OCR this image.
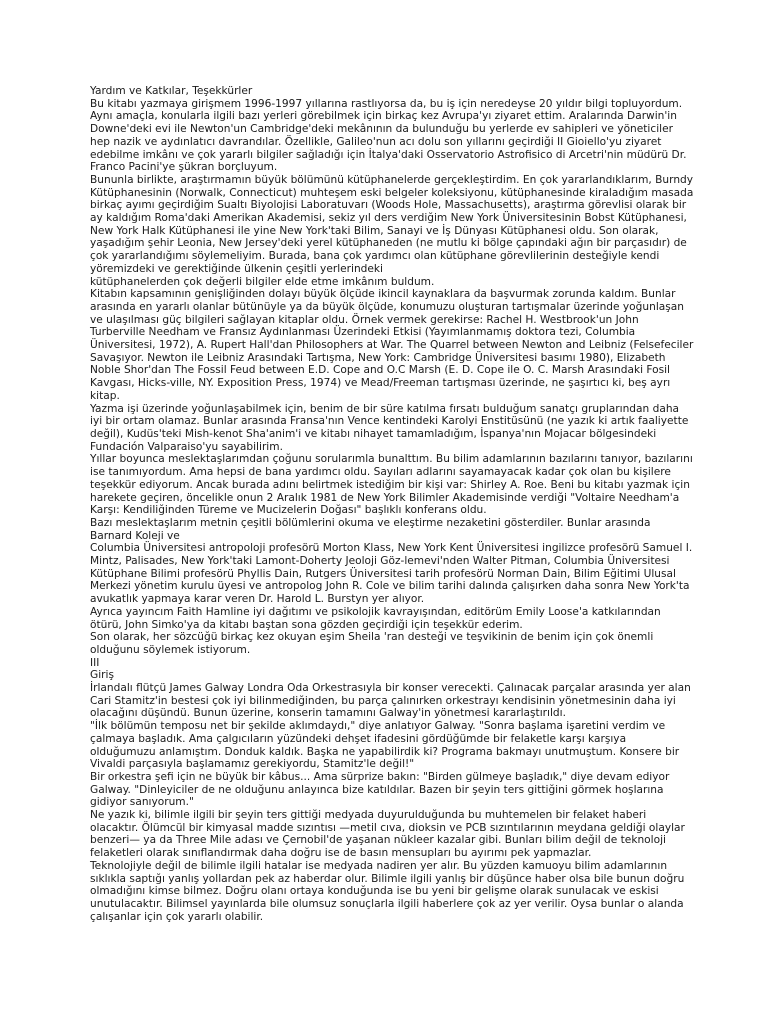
Yardım ve Katkılar, Teşekkürler

Bu kitabı yazmaya girişmem 1996-1997 yıllarına rastlıyorsa da, bu iş için neredeyse 20 yıldır bilgi topluyordum. Aynı amaçla, konularla ilgili bazı yerleri görebilmek için birkaç kez Avrupa'yı ziyaret ettim. Aralarında Darwin'in Downe'deki evi ile Newton'un Cambridge'deki mekânının da bulunduğu bu yerlerde ev sahipleri ve yöneticiler hep nazik ve aydınlatıcı davrandılar. Özellikle, Galileo'nun acı dolu son yıllarını geçirdiği II Gioiello'yu ziyaret edebilme imkânı ve çok yararlı bilgiler sağladığı için İtalya'daki Osservatorio Astrofisico di Arcetri'nin müdürü Dr. Franco Pacini'ye şükran borçluyum.

Bununla birlikte, araştırmamın büyük bölümünü kütüphanelerde gerçekleştirdim. En çok yararlandıklarım, Burndy Kütüphanesinin (Norwalk, Connecticut) muhteşem eski belgeler koleksiyonu, kütüphanesinde kiraladığım masada birkaç ayımı geçirdiğim Sualtı Biyolojisi Laboratuvarı (Woods Hole, Massachusetts), araştırma görevlisi olarak bir ay kaldığım Roma'daki Amerikan Akademisi, sekiz yıl ders verdiğim New York Üniversitesinin Bobst Kütüphanesi, New York Halk Kütüphanesi ile yine New York'taki Bilim, Sanayi ve İş Dünyası Kütüphanesi oldu. Son olarak, yaşadığım şehir Leonia, New Jersey'deki yerel kütüphaneden (ne mutlu ki bölge çapındaki ağın bir parçasıdır) de çok yararlandığımı söylemeliyim. Burada, bana çok yardımcı olan kütüphane görevlilerinin desteğiyle kendi yöremizdeki ve gerektiğinde ülkenin çeşitli yerlerindeki

kütüphanelerden çok değerli bilgiler elde etme imkânım buldum.

Kitabın kapsamının genişliğinden dolayı büyük ölçüde ikincil kaynaklara da başvurmak zorunda kaldım. Bunlar arasında en yararlı olanlar bütünüyle ya da büyük ölçüde, konumuzu oluşturan tartışmalar üzerinde yoğunlaşan ve ulaşılması güç bilgileri sağlayan kitaplar oldu. Örnek vermek gerekirse: Rachel H. Westbrook'un John Turberville Needham ve Fransız Aydınlanması Üzerindeki Etkisi (Yayımlanmamış doktora tezi, Columbia Üniversitesi, 1972), A. Rupert Hall'dan Philosophers at War. The Quarrel between Newton and Leibniz (Felsefeciler Savaşıyor. Newton ile Leibniz Arasındaki Tartışma, New York: Cambridge Üniversitesi basımı 1980), Elizabeth Noble Shor'dan The Fossil Feud between E.D. Cope and O.C Marsh (E. D. Cope ile O. C. Marsh Arasındaki Fosil Kavgası, Hicks-ville, NY. Exposition Press, 1974) ve Mead/Freeman tartışması üzerinde, ne şaşırtıcı ki, beş ayrı kitap.

Yazma işi üzerinde yoğunlaşabilmek için, benim de bir süre katılma fırsatı bulduğum sanatçı gruplarından daha iyi bir ortam olamaz. Bunlar arasında Fransa'nın Vence kentindeki Karolyi Enstitüsünü (ne yazık ki artık faaliyette değil), Kudüs'teki Mish-kenot Sha'anim'i ve kitabı nihayet tamamladığım, İspanya'nın Mojacar bölgesindeki Fundación Valparaiso'yu sayabilirim.

Yıllar boyunca meslektaşlarımdan çoğunu sorularımla bunalttım. Bu bilim adamlarının bazılarını tanıyor, bazılarını ise tanımıyordum. Ama hepsi de bana yardımcı oldu. Sayıları adlarını sayamayacak kadar çok olan bu kişilere teşekkür ediyorum. Ancak burada adını belirtmek istediğim bir kişi var: Shirley A. Roe. Beni bu kitabı yazmak için harekete geçiren, öncelikle onun 2 Aralık 1981 de New York Bilimler Akademisinde verdiği "Voltaire Needham'a Karşı: Kendiliğinden Türeme ve Mucizelerin Doğası" başlıklı konferans oldu.

Bazı meslektaşlarım metnin çeşitli bölümlerini okuma ve eleştirme nezaketini gösterdiler. Bunlar arasında Barnard Koleji ve

Columbia Üniversitesi antropoloji profesörü Morton Klass, New York Kent Üniversitesi ingilizce profesörü Samuel I. Mintz, Palisades, New York'taki Lamont-Doherty Jeoloji Göz-lemevi'nden Walter Pitman, Columbia Üniversitesi Kütüphane Bilimi profesörü Phyllis Dain, Rutgers Üniversitesi tarih profesörü Norman Dain, Bilim Eğitimi Ulusal Merkezi yönetim kurulu üyesi ve antropolog John R. Cole ve bilim tarihi dalında çalışırken daha sonra New York'ta avukatlık yapmaya karar veren Dr. Harold L. Burstyn yer alıyor.

Ayrıca yayıncım Faith Hamline iyi dağıtımı ve psikolojik kavrayışından, editörüm Emily Loose'a katkılarından ötürü, John Simko'ya da kitabı baştan sona gözden geçirdiği için teşekkür ederim.

Son olarak, her sözcüğü birkaç kez okuyan eşim Sheila 'ran desteği ve teşvikinin de benim için çok önemli olduğunu söylemek istiyorum.

III

Giriş

İrlandalı flütçü James Galway Londra Oda Orkestrasıyla bir konser verecekti. Çalınacak parçalar arasında yer alan Cari Stamitz'in bestesi çok iyi bilinmediğinden, bu parça çalınırken orkestrayı kendisinin yönetmesinin daha iyi olacağını düşündü. Bunun üzerine, konserin tamamını Galway'in yönetmesi kararlaştırıldı.

"İlk bölümün temposu net bir şekilde aklımdaydı," diye anlatıyor Galway. "Sonra başlama işaretini verdim ve çalmaya başladık. Ama çalgıcıların yüzündeki dehşet ifadesini gördüğümde bir felaketle karşı karşıya olduğumuzu anlamıştım. Donduk kaldık. Başka ne yapabilirdik ki? Programa bakmayı unutmuştum. Konsere bir Vivaldi parçasıyla başlamamız gerekiyordu, Stamitz'le değil!"

Bir orkestra şefi için ne büyük bir kâbus... Ama sürprize bakın: "Birden gülmeye başladık," diye devam ediyor Galway. "Dinleyiciler de ne olduğunu anlayınca bize katıldılar. Bazen bir şeyin ters gittiğini görmek hoşlarına gidiyor sanıyorum."

Ne yazık ki, bilimle ilgili bir şeyin ters gittiği medyada duyurulduğunda bu muhtemelen bir felaket haberi olacaktır. Ölümcül bir kimyasal madde sızıntısı —metil cıva, dioksin ve PCB sızıntılarının meydana geldiği olaylar benzeri— ya da Three Mile adası ve Çernobil'de yaşanan nükleer kazalar gibi. Bunları bilim değil de teknoloji felaketleri olarak sınıflandırmak daha doğru ise de basın mensupları bu ayırımı pek yapmazlar.

Teknolojiyle değil de bilimle ilgili hatalar ise medyada nadiren yer alır. Bu yüzden kamuoyu bilim adamlarının sıklıkla saptığı yanlış yollardan pek az haberdar olur. Bilimle ilgili yanlış bir düşünce haber olsa bile bunun doğru olmadığını kimse bilmez. Doğru olanı ortaya konduğunda ise bu yeni bir gelişme olarak sunulacak ve eskisi unutulacaktır. Bilimsel yayınlarda bile olumsuz sonuçlarla ilgili haberlere çok az yer verilir. Oysa bunlar o alanda çalışanlar için çok yararlı olabilir.
